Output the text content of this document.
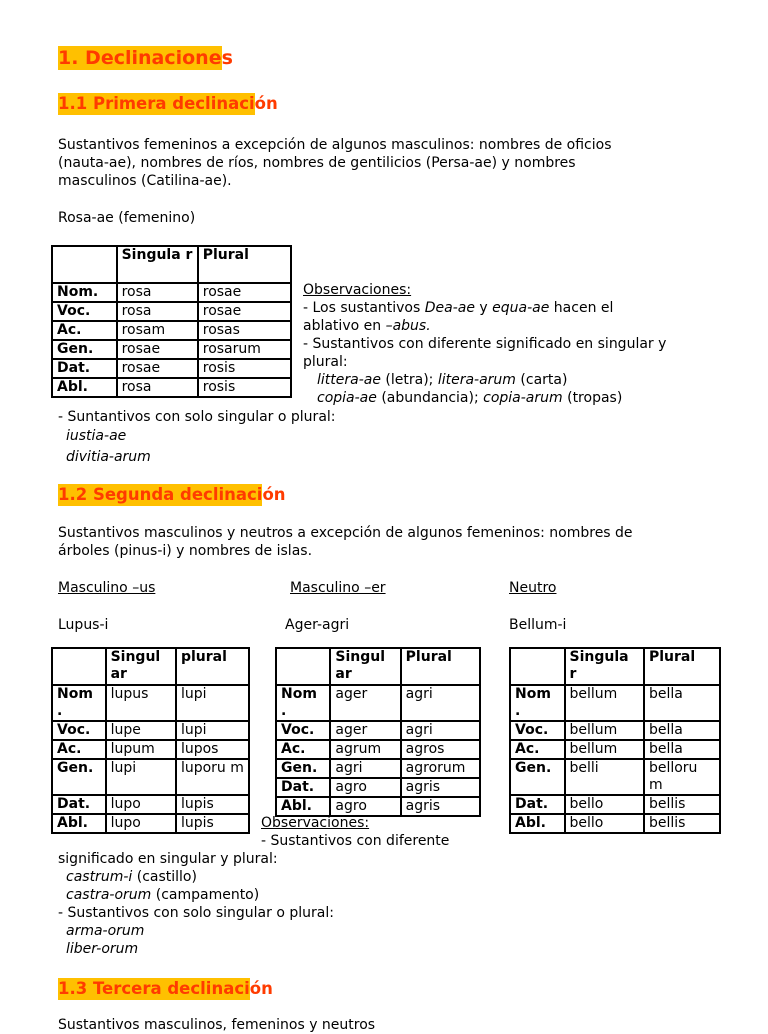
1. Declinaciones
1.1 Primera declinación
Sustantivos femeninos a excepción de algunos masculinos: nombres de oficios
(nauta-ae), nombres de ríos, nombres de gentilicios (Persa-ae) y nombres
masculinos (Catilina-ae).
Rosa-ae (femenino)
	Singula r	Plural
Nom.	rosa	rosae
Voc.	rosa	rosae
Ac.	rosam	rosas
Gen.	rosae	rosarum
Dat.	rosae	rosis
Abl.	rosa	rosis
Observaciones:
- Los sustantivos Dea-ae y equa-ae hacen el
ablativo en –abus.
- Sustantivos con diferente significado en singular y
plural:
littera-ae (letra); litera-arum (carta)
copia-ae (abundancia); copia-arum (tropas)
- Suntantivos con solo singular o plural:
iustia-ae
divitia-arum
1.2 Segunda declinación
Sustantivos masculinos y neutros a excepción de algunos femeninos: nombres de
árboles (pinus-i) y nombres de islas.
Masculino –us	Masculino –er	Neutro
Lupus-i	Ager-agri	Bellum-i
	Singul ar	plural
Nom .	lupus	lupi
Voc.	lupe	lupi
Ac.	lupum	lupos
Gen.	lupi	luporu m
Dat.	lupo	lupis
Abl.	lupo	lupis
	Singul ar	Plural
Nom .	ager	agri
Voc.	ager	agri
Ac.	agrum	agros
Gen.	agri	agrorum
Dat.	agro	agris
Abl.	agro	agris
	Singula r	Plural
Nom .	bellum	bella
Voc.	bellum	bella
Ac.	bellum	bella
Gen.	belli	belloru m
Dat.	bello	bellis
Abl.	bello	bellis
Observaciones:
- Sustantivos con diferente
significado en singular y plural:
castrum-i (castillo)
castra-orum (campamento)
- Sustantivos con solo singular o plural:
arma-orum
liber-orum
1.3 Tercera declinación
Sustantivos masculinos, femeninos y neutros
